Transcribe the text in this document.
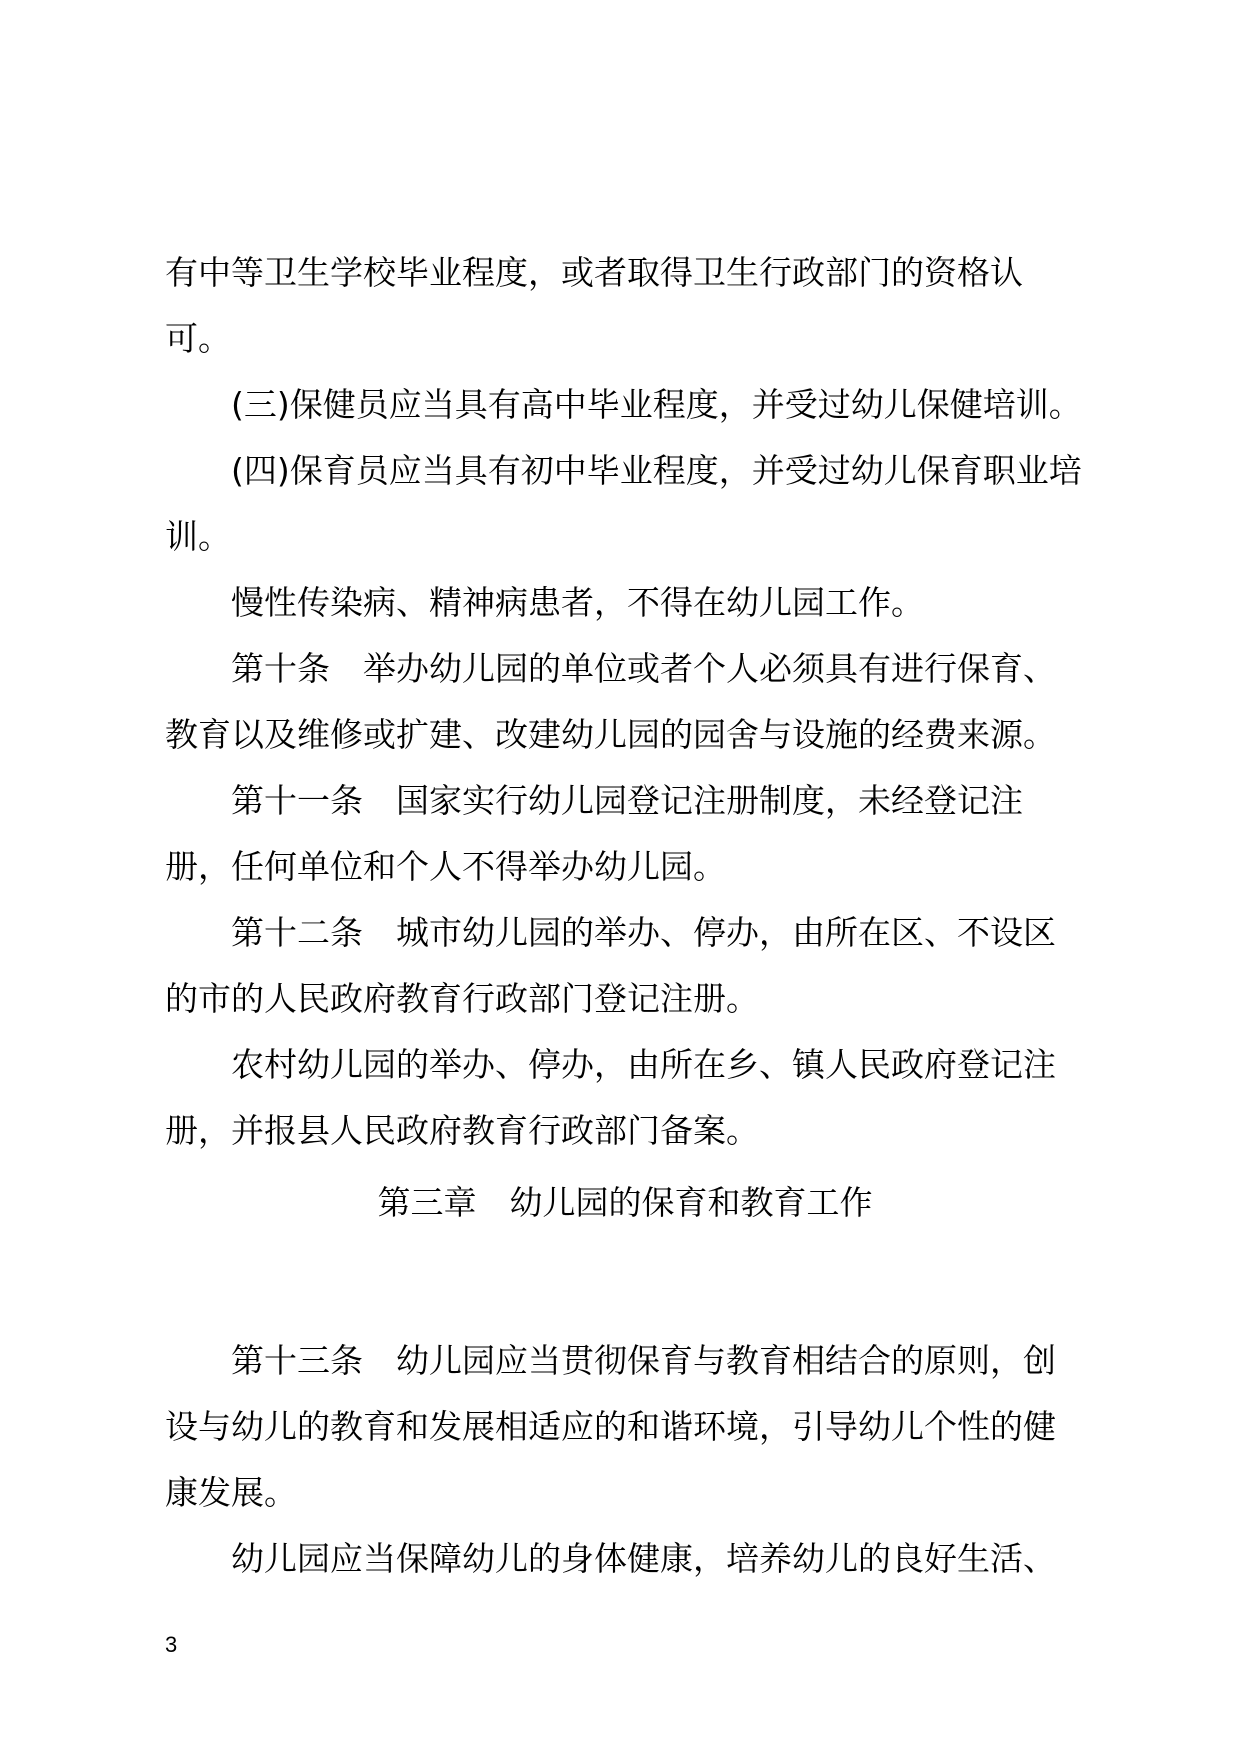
有中等卫生学校毕业程度，或者取得卫生行政部门的资格认可。

(三)保健员应当具有高中毕业程度，并受过幼儿保健培训。

(四)保育员应当具有初中毕业程度，并受过幼儿保育职业培训。

慢性传染病、精神病患者，不得在幼儿园工作。

第十条 举办幼儿园的单位或者个人必须具有进行保育、教育以及维修或扩建、改建幼儿园的园舍与设施的经费来源。

第十一条 国家实行幼儿园登记注册制度，未经登记注册，任何单位和个人不得举办幼儿园。

第十二条 城市幼儿园的举办、停办，由所在区、不设区的市的人民政府教育行政部门登记注册。

农村幼儿园的举办、停办，由所在乡、镇人民政府登记注册，并报县人民政府教育行政部门备案。

第三章 幼儿园的保育和教育工作

第十三条 幼儿园应当贯彻保育与教育相结合的原则，创设与幼儿的教育和发展相适应的和谐环境，引导幼儿个性的健康发展。

幼儿园应当保障幼儿的身体健康，培养幼儿的良好生活、

3
